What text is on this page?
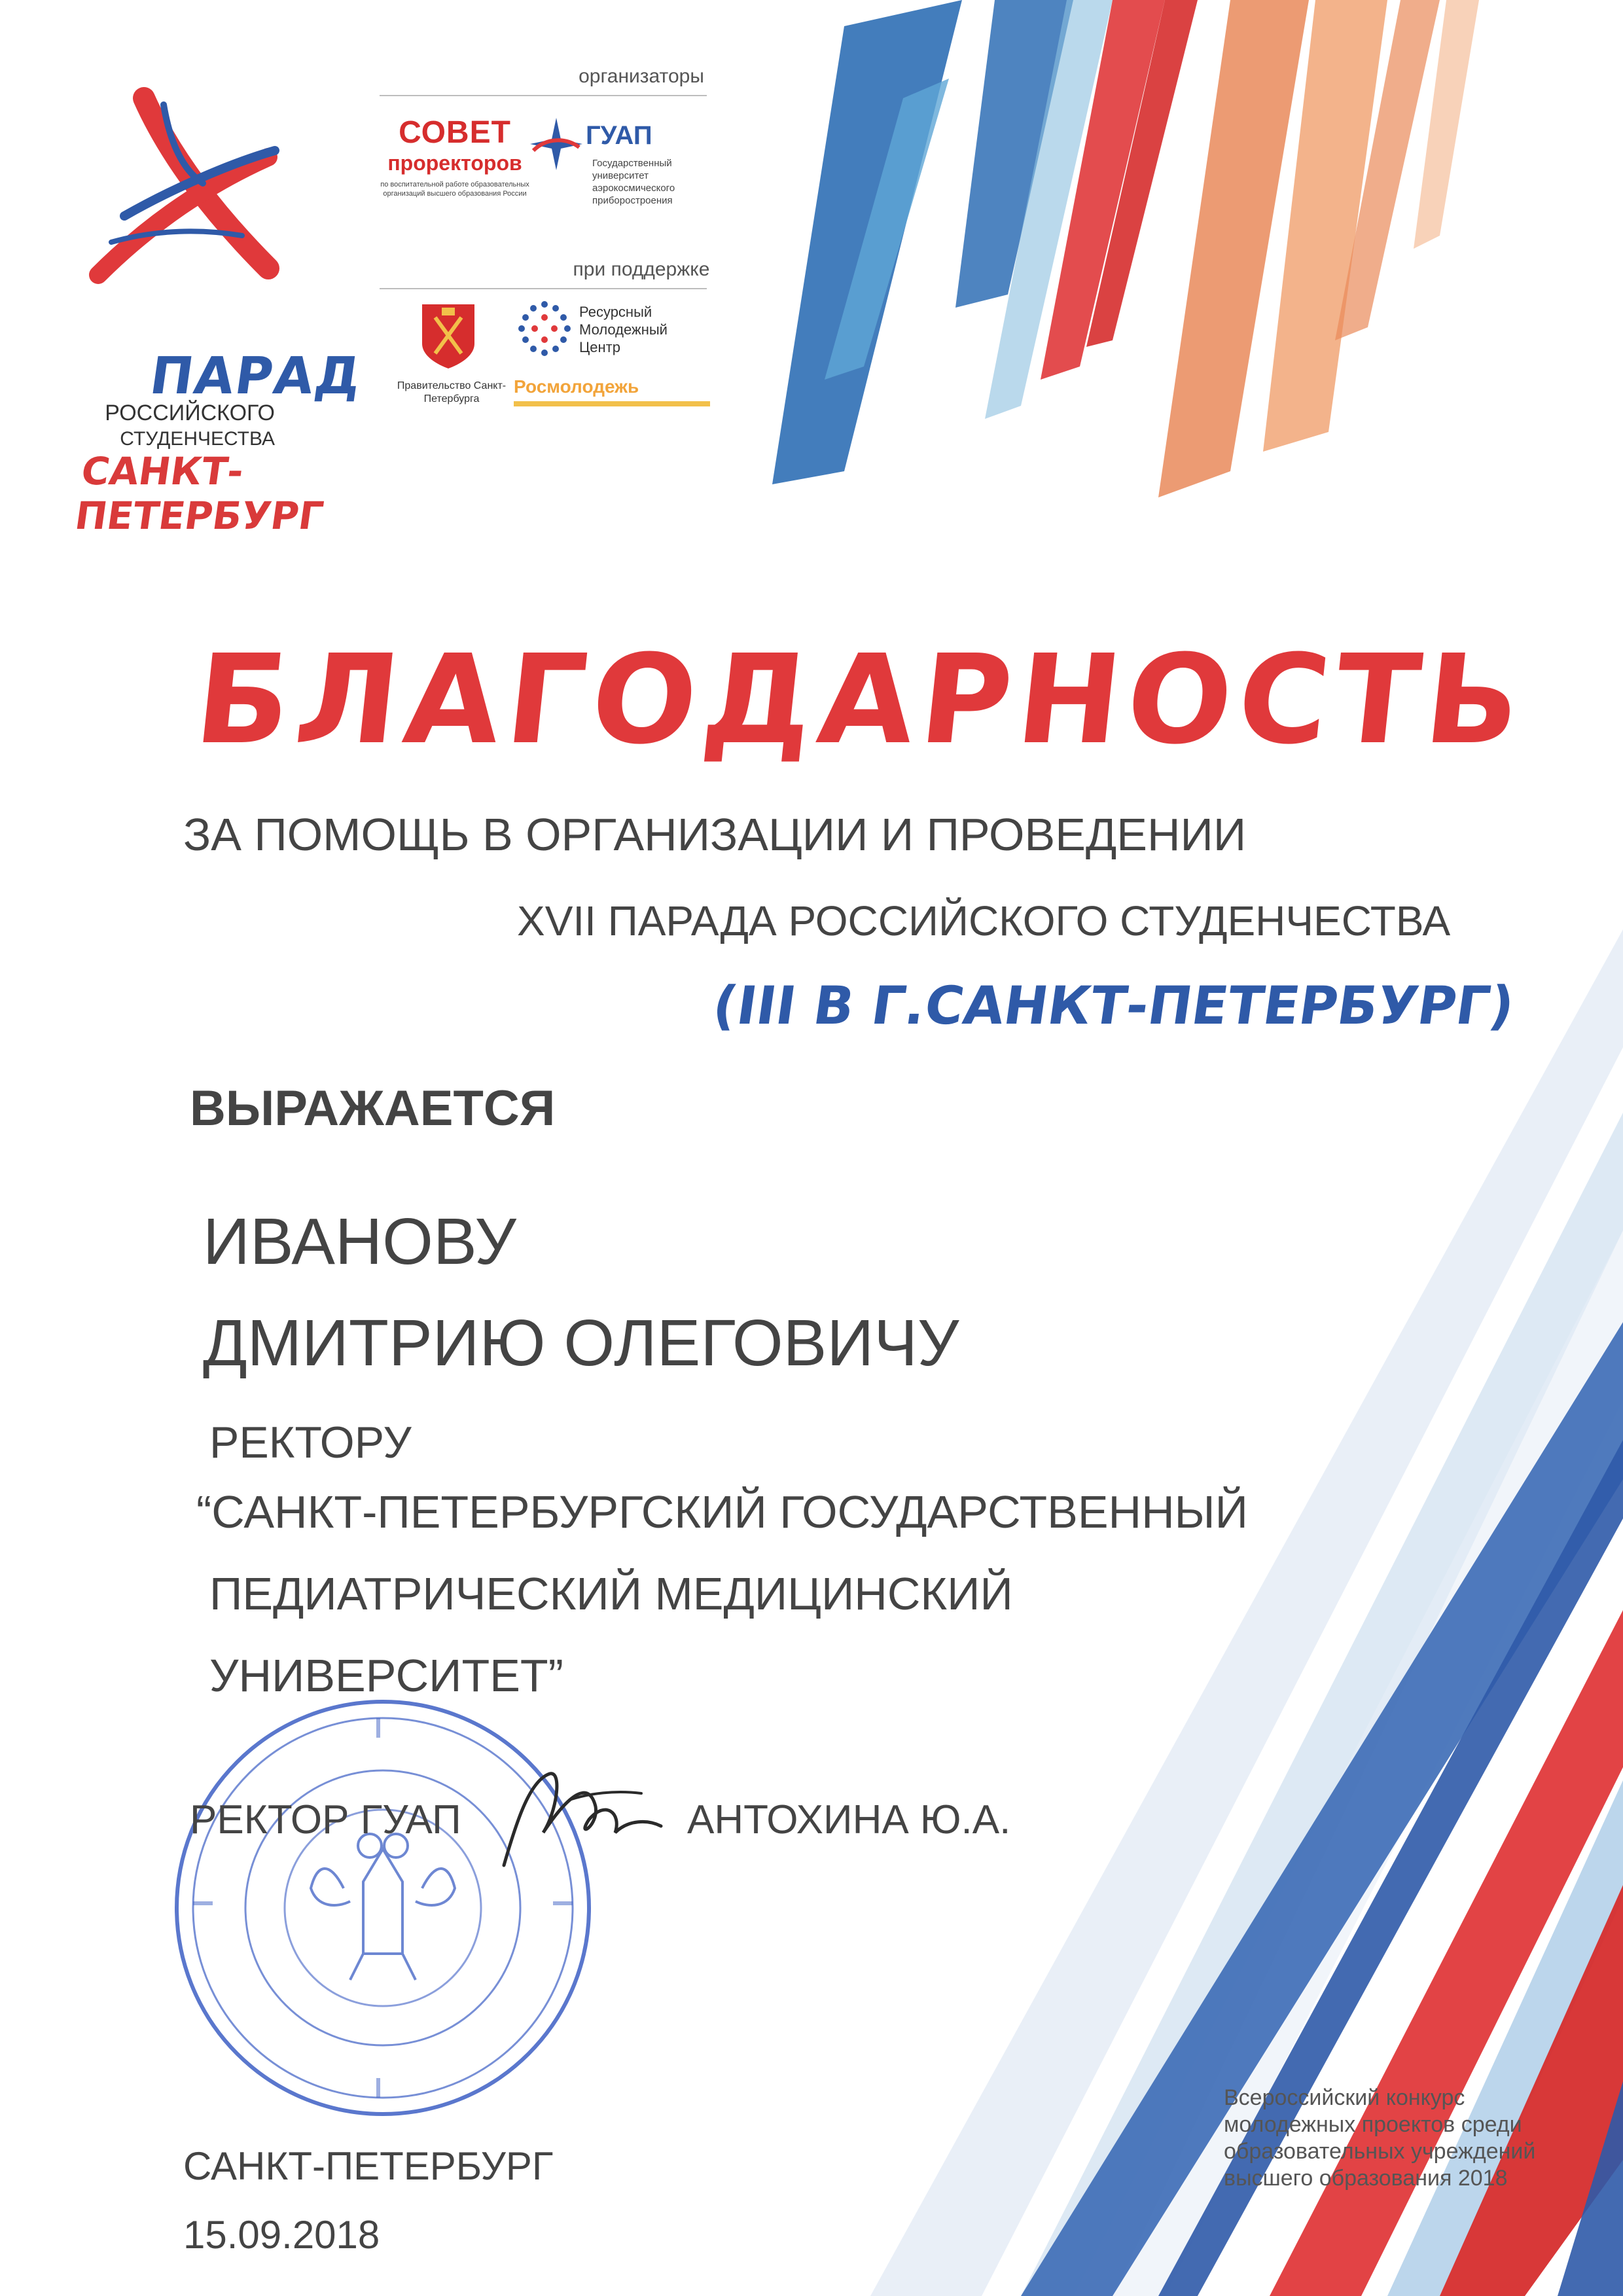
ПАРАД
РОССИЙСКОГО
СТУДЕНЧЕСТВА
САНКТ-ПЕТЕРБУРГ
организаторы
СОВЕТ
проректоров
по воспитательной работе образовательных организаций высшего образования России
ГУАП
Государственный университет аэрокосмического приборостроения
при поддержке
Правительство Санкт-Петербурга
Ресурсный Молодежный Центр
Росмолодежь
БЛАГОДАРНОСТЬ
ЗА ПОМОЩЬ В ОРГАНИЗАЦИИ И ПРОВЕДЕНИИ
XVII ПАРАДА РОССИЙСКОГО СТУДЕНЧЕСТВА
(III В Г.САНКТ-ПЕТЕРБУРГ)
ВЫРАЖАЕТСЯ
ИВАНОВУ
ДМИТРИЮ ОЛЕГОВИЧУ
РЕКТОРУ
“САНКТ-ПЕТЕРБУРГСКИЙ ГОСУДАРСТВЕННЫЙ
ПЕДИАТРИЧЕСКИЙ МЕДИЦИНСКИЙ
УНИВЕРСИТЕТ”
РЕКТОР ГУАП	АНТОХИНА Ю.А.
САНКТ-ПЕТЕРБУРГ
15.09.2018
Всероссийский конкурс молодежных проектов среди образовательных учреждений высшего образования 2018
